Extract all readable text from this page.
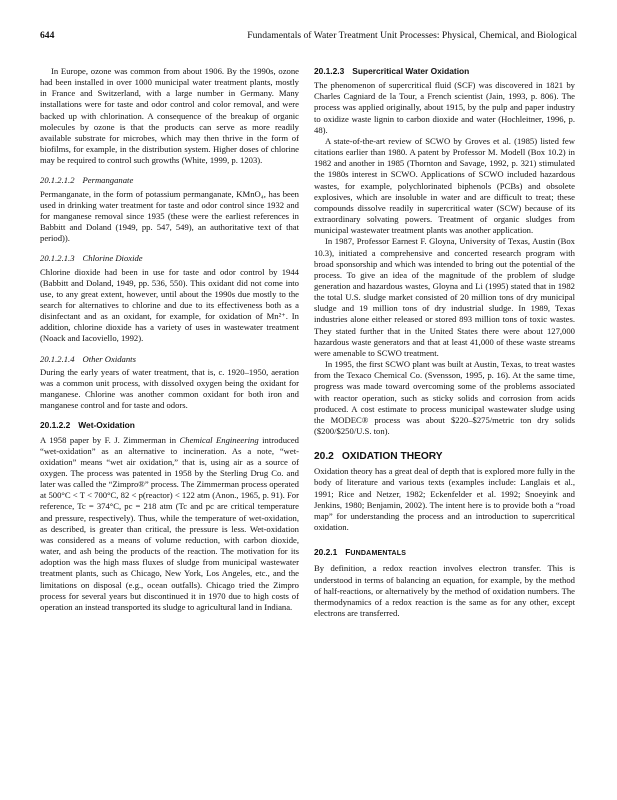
644	Fundamentals of Water Treatment Unit Processes: Physical, Chemical, and Biological

In Europe, ozone was common from about 1906. By the 1990s, ozone had been installed in over 1000 municipal water treatment plants, mostly in France and Switzerland, with a large number in Germany. Many installations were for taste and odor control and color removal, and were backed up with chlorination. A consequence of the breakup of organic molecules by ozone is that the products can serve as more readily available substrate for microbes, which may then thrive in the form of biofilms, for example, in the distribution system. Higher doses of chlorine may be required to control such growths (White, 1999, p. 1203).

20.1.2.1.2 Permanganate

Permanganate, in the form of potassium permanganate, KMnO₄, has been used in drinking water treatment for taste and odor control since 1932 and for manganese removal since 1935 (these were the earliest references in Babbitt and Doland (1949, pp. 547, 549), an authoritative text of that period)).

20.1.2.1.3 Chlorine Dioxide

Chlorine dioxide had been in use for taste and odor control by 1944 (Babbitt and Doland, 1949, pp. 536, 550). This oxidant did not come into use, to any great extent, however, until about the 1990s due mostly to the search for alternatives to chlorine and due to its effectiveness both as a disinfectant and as an oxidant, for example, for oxidation of Mn²⁺. In addition, chlorine dioxide has a variety of uses in wastewater treatment (Noack and Iacoviello, 1992).

20.1.2.1.4 Other Oxidants

During the early years of water treatment, that is, c. 1920–1950, aeration was a common unit process, with dissolved oxygen being the oxidant for manganese. Chlorine was another common oxidant for both iron and manganese control and for taste and odors.

20.1.2.2 Wet-Oxidation

A 1958 paper by F. J. Zimmerman in Chemical Engineering introduced “wet-oxidation” as an alternative to incineration. As a note, “wet-oxidation” means “wet air oxidation,” that is, using air as a source of oxygen. The process was patented in 1958 by the Sterling Drug Co. and later was called the “Zimpro®” process. The Zimmerman process operated at 500°C < T < 700°C, 82 < p(reactor) < 122 atm (Anon., 1965, p. 91). For reference, Tc = 374°C, pc = 218 atm (Tc and pc are critical temperature and pressure, respectively). Thus, while the temperature of wet-oxidation, as described, is greater than critical, the pressure is less. Wet-oxidation was considered as a means of volume reduction, with carbon dioxide, water, and ash being the products of the reaction. The motivation for its adoption was the high mass fluxes of sludge from municipal wastewater treatment plants, such as Chicago, New York, Los Angeles, etc., and the limitations on disposal (e.g., ocean outfalls). Chicago tried the Zimpro process for several years but discontinued it in 1970 due to high costs of operation an instead transported its sludge to agricultural land in Indiana.

20.1.2.3 Supercritical Water Oxidation

The phenomenon of supercritical fluid (SCF) was discovered in 1821 by Charles Cagniard de la Tour, a French scientist (Jain, 1993, p. 806). The process was applied originally, about 1915, by the pulp and paper industry to oxidize waste lignin to carbon dioxide and water (Hochleitner, 1996, p. 48).

A state-of-the-art review of SCWO by Groves et al. (1985) listed few citations earlier than 1980. A patent by Professor M. Modell (Box 10.2) in 1982 and another in 1985 (Thornton and Savage, 1992, p. 321) stimulated the 1980s interest in SCWO. Applications of SCWO included hazardous wastes, for example, polychlorinated biphenols (PCBs) and obsolete explosives, which are insoluble in water and are difficult to treat; these compounds dissolve readily in supercritical water (SCW) because of its extraordinary solvating powers. Treatment of organic sludges from municipal wastewater treatment plants was another application.

In 1987, Professor Earnest F. Gloyna, University of Texas, Austin (Box 10.3), initiated a comprehensive and concerted research program with broad sponsorship and which was intended to bring out the potential of the process. To give an idea of the magnitude of the problem of sludge generation and hazardous wastes, Gloyna and Li (1995) stated that in 1982 the total U.S. sludge market consisted of 20 million tons of dry municipal sludge and 19 million tons of dry industrial sludge. In 1989, Texas industries alone either released or stored 893 million tons of toxic wastes. They stated further that in the United States there were about 127,000 hazardous waste generators and that at least 41,000 of these waste streams were amenable to SCWO treatment.

In 1995, the first SCWO plant was built at Austin, Texas, to treat wastes from the Texaco Chemical Co. (Svensson, 1995, p. 16). At the same time, progress was made toward overcoming some of the problems associated with reactor operation, such as sticky solids and corrosion from acids produced. A cost estimate to process municipal wastewater sludge using the MODEC® process was about $220–$275/metric ton dry solids ($200/$250/U.S. ton).

20.2 OXIDATION THEORY

Oxidation theory has a great deal of depth that is explored more fully in the body of literature and various texts (examples include: Langlais et al., 1991; Rice and Netzer, 1982; Eckenfelder et al. 1992; Snoeyink and Jenkins, 1980; Benjamin, 2002). The intent here is to provide both a “road map” for understanding the process and an introduction to supercritical oxidation.

20.2.1 FUNDAMENTALS

By definition, a redox reaction involves electron transfer. This is understood in terms of balancing an equation, for example, by the method of half-reactions, or alternatively by the method of oxidation numbers. The thermodynamics of a redox reaction is the same as for any other, except electrons are transferred.
